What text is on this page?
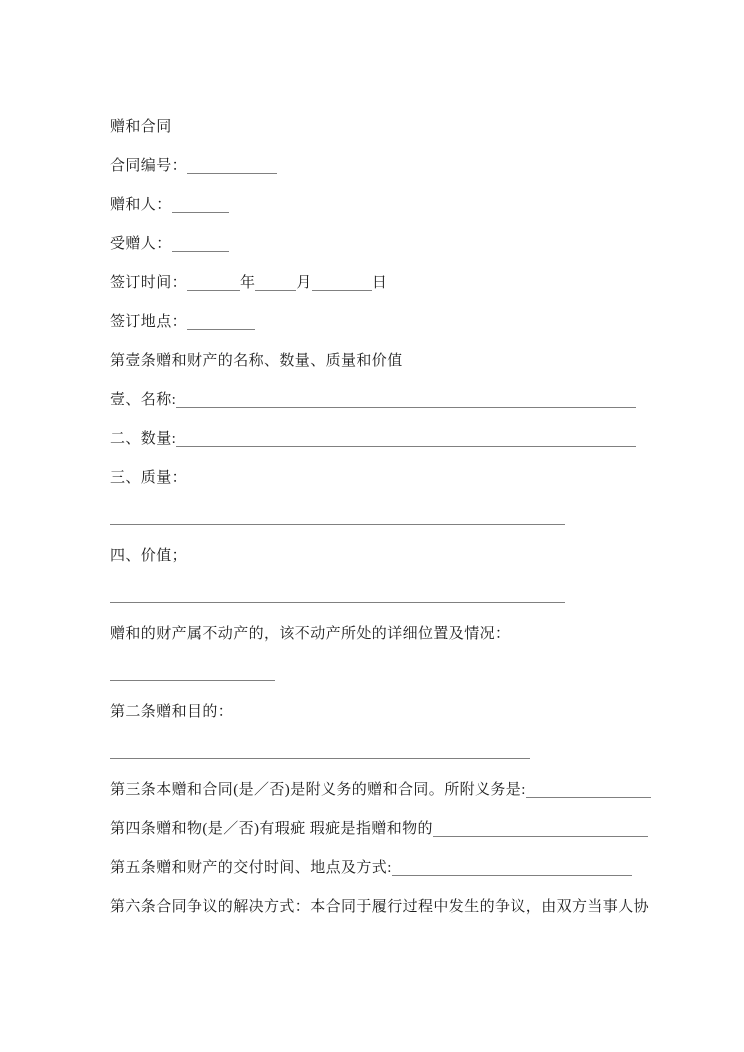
赠和合同
合同编号：
赠和人：
受赠人：
签订时间：	年	月	日
签订地点：
第壹条赠和财产的名称、数量、质量和价值
壹、名称:
二、数量:
三、质量：
四、价值；
赠和的财产属不动产的，该不动产所处的详细位置及情况：
第二条赠和目的：
第三条本赠和合同(是／否)是附义务的赠和合同。所附义务是:
第四条赠和物(是／否)有瑕疵 瑕疵是指赠和物的
第五条赠和财产的交付时间、地点及方式:
第六条合同争议的解决方式：本合同于履行过程中发生的争议，由双方当事人协
